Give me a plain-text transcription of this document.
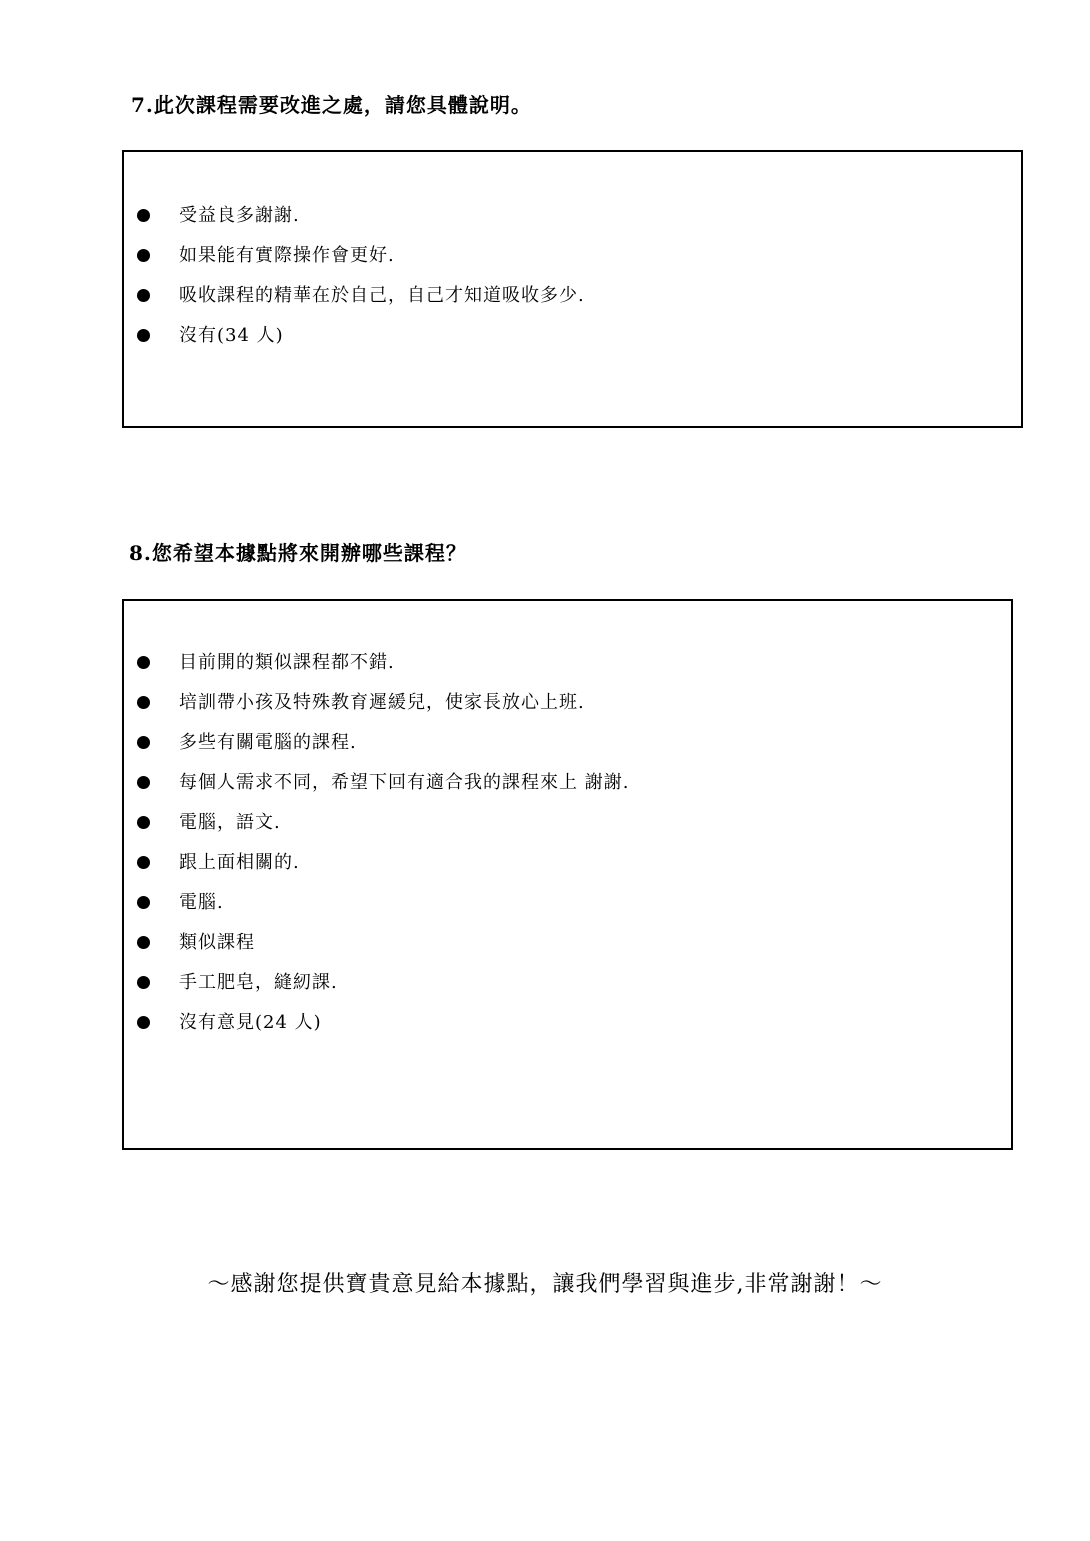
7.此次課程需要改進之處，請您具體說明。
受益良多謝謝.
如果能有實際操作會更好.
吸收課程的精華在於自己，自己才知道吸收多少.
沒有(34 人)
8.您希望本據點將來開辦哪些課程？
目前開的類似課程都不錯.
培訓帶小孩及特殊教育遲緩兒，使家長放心上班.
多些有關電腦的課程.
每個人需求不同，希望下回有適合我的課程來上 謝謝.
電腦，語文.
跟上面相關的.
電腦.
類似課程
手工肥皂，縫紉課.
沒有意見(24 人)
～感謝您提供寶貴意見給本據點，讓我們學習與進步,非常謝謝！～
